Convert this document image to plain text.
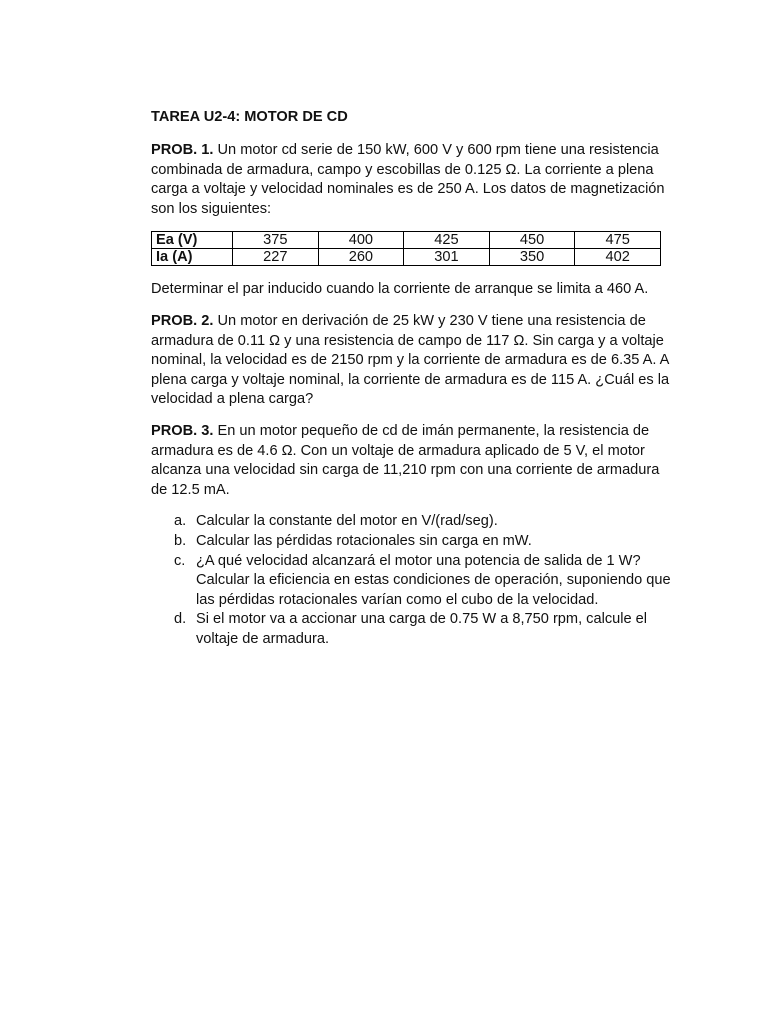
TAREA U2-4: MOTOR DE CD

PROB. 1. Un motor cd serie de 150 kW, 600 V y 600 rpm tiene una resistencia combinada de armadura, campo y escobillas de 0.125 Ω. La corriente a plena carga a voltaje y velocidad nominales es de 250 A. Los datos de magnetización son los siguientes:

Ea (V)	375	400	425	450	475
Ia (A)	227	260	301	350	402

Determinar el par inducido cuando la corriente de arranque se limita a 460 A.

PROB. 2. Un motor en derivación de 25 kW y 230 V tiene una resistencia de armadura de 0.11 Ω y una resistencia de campo de 117 Ω. Sin carga y a voltaje nominal, la velocidad es de 2150 rpm y la corriente de armadura es de 6.35 A. A plena carga y voltaje nominal, la corriente de armadura es de 115 A. ¿Cuál es la velocidad a plena carga?

PROB. 3. En un motor pequeño de cd de imán permanente, la resistencia de armadura es de 4.6 Ω. Con un voltaje de armadura aplicado de 5 V, el motor alcanza una velocidad sin carga de 11,210 rpm con una corriente de armadura de 12.5 mA.

a. Calcular la constante del motor en V/(rad/seg).
b. Calcular las pérdidas rotacionales sin carga en mW.
c. ¿A qué velocidad alcanzará el motor una potencia de salida de 1 W? Calcular la eficiencia en estas condiciones de operación, suponiendo que las pérdidas rotacionales varían como el cubo de la velocidad.
d. Si el motor va a accionar una carga de 0.75 W a 8,750 rpm, calcule el voltaje de armadura.
